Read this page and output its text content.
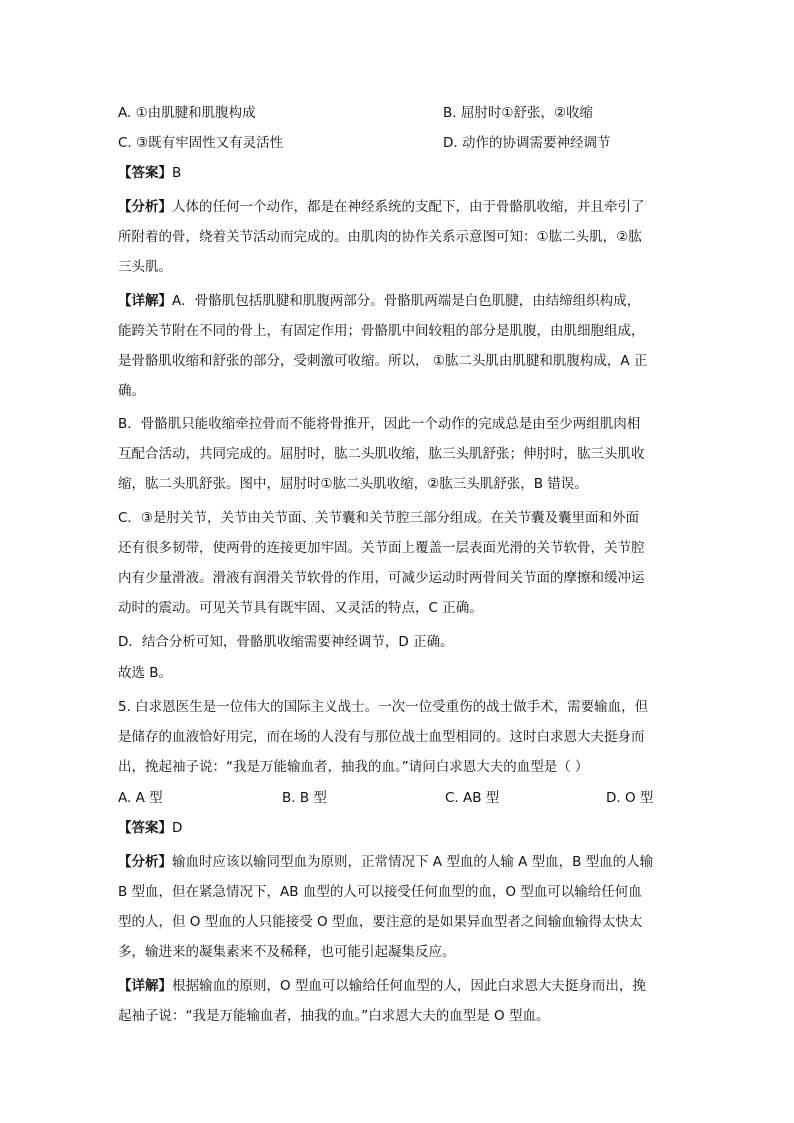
A. ①由肌腱和肌腹构成	B. 屈肘时①舒张，②收缩
C. ③既有牢固性又有灵活性	D. 动作的协调需要神经调节
【答案】B
【分析】人体的任何一个动作，都是在神经系统的支配下，由于骨骼肌收缩，并且牵引了
所附着的骨，绕着关节活动而完成的。由肌肉的协作关系示意图可知：①肱二头肌，②肱
三头肌。
【详解】A．骨骼肌包括肌腱和肌腹两部分。骨骼肌两端是白色肌腱，由结缔组织构成，
能跨关节附在不同的骨上，有固定作用；骨骼肌中间较粗的部分是肌腹，由肌细胞组成，
是骨骼肌收缩和舒张的部分，受刺激可收缩。所以， ①肱二头肌由肌腱和肌腹构成，A 正
确。
B．骨骼肌只能收缩牵拉骨而不能将骨推开，因此一个动作的完成总是由至少两组肌肉相
互配合活动，共同完成的。屈肘时，肱二头肌收缩，肱三头肌舒张；伸肘时，肱三头肌收
缩，肱二头肌舒张。图中，屈肘时①肱二头肌收缩，②肱三头肌舒张，B 错误。
C．③是肘关节，关节由关节面、关节囊和关节腔三部分组成。在关节囊及囊里面和外面
还有很多韧带，使两骨的连接更加牢固。关节面上覆盖一层表面光滑的关节软骨，关节腔
内有少量滑液。滑液有润滑关节软骨的作用，可减少运动时两骨间关节面的摩擦和缓冲运
动时的震动。可见关节具有既牢固、又灵活的特点，C 正确。
D．结合分析可知，骨骼肌收缩需要神经调节，D 正确。
故选 B。
5. 白求恩医生是一位伟大的国际主义战士。一次一位受重伤的战士做手术，需要输血，但
是储存的血液恰好用完，而在场的人没有与那位战士血型相同的。这时白求恩大夫挺身而
出，挽起袖子说：“我是万能输血者，抽我的血。”请问白求恩大夫的血型是（ ）
A. A 型	B. B 型	C. AB 型	D. O 型
【答案】D
【分析】输血时应该以输同型血为原则，正常情况下 A 型血的人输 A 型血，B 型血的人输
B 型血，但在紧急情况下，AB 血型的人可以接受任何血型的血，O 型血可以输给任何血
型的人，但 O 型血的人只能接受 O 型血，要注意的是如果异血型者之间输血输得太快太
多，输进来的凝集素来不及稀释，也可能引起凝集反应。
【详解】根据输血的原则，O 型血可以输给任何血型的人，因此白求恩大夫挺身而出，挽
起袖子说：“我是万能输血者，抽我的血。”白求恩大夫的血型是 O 型血。
